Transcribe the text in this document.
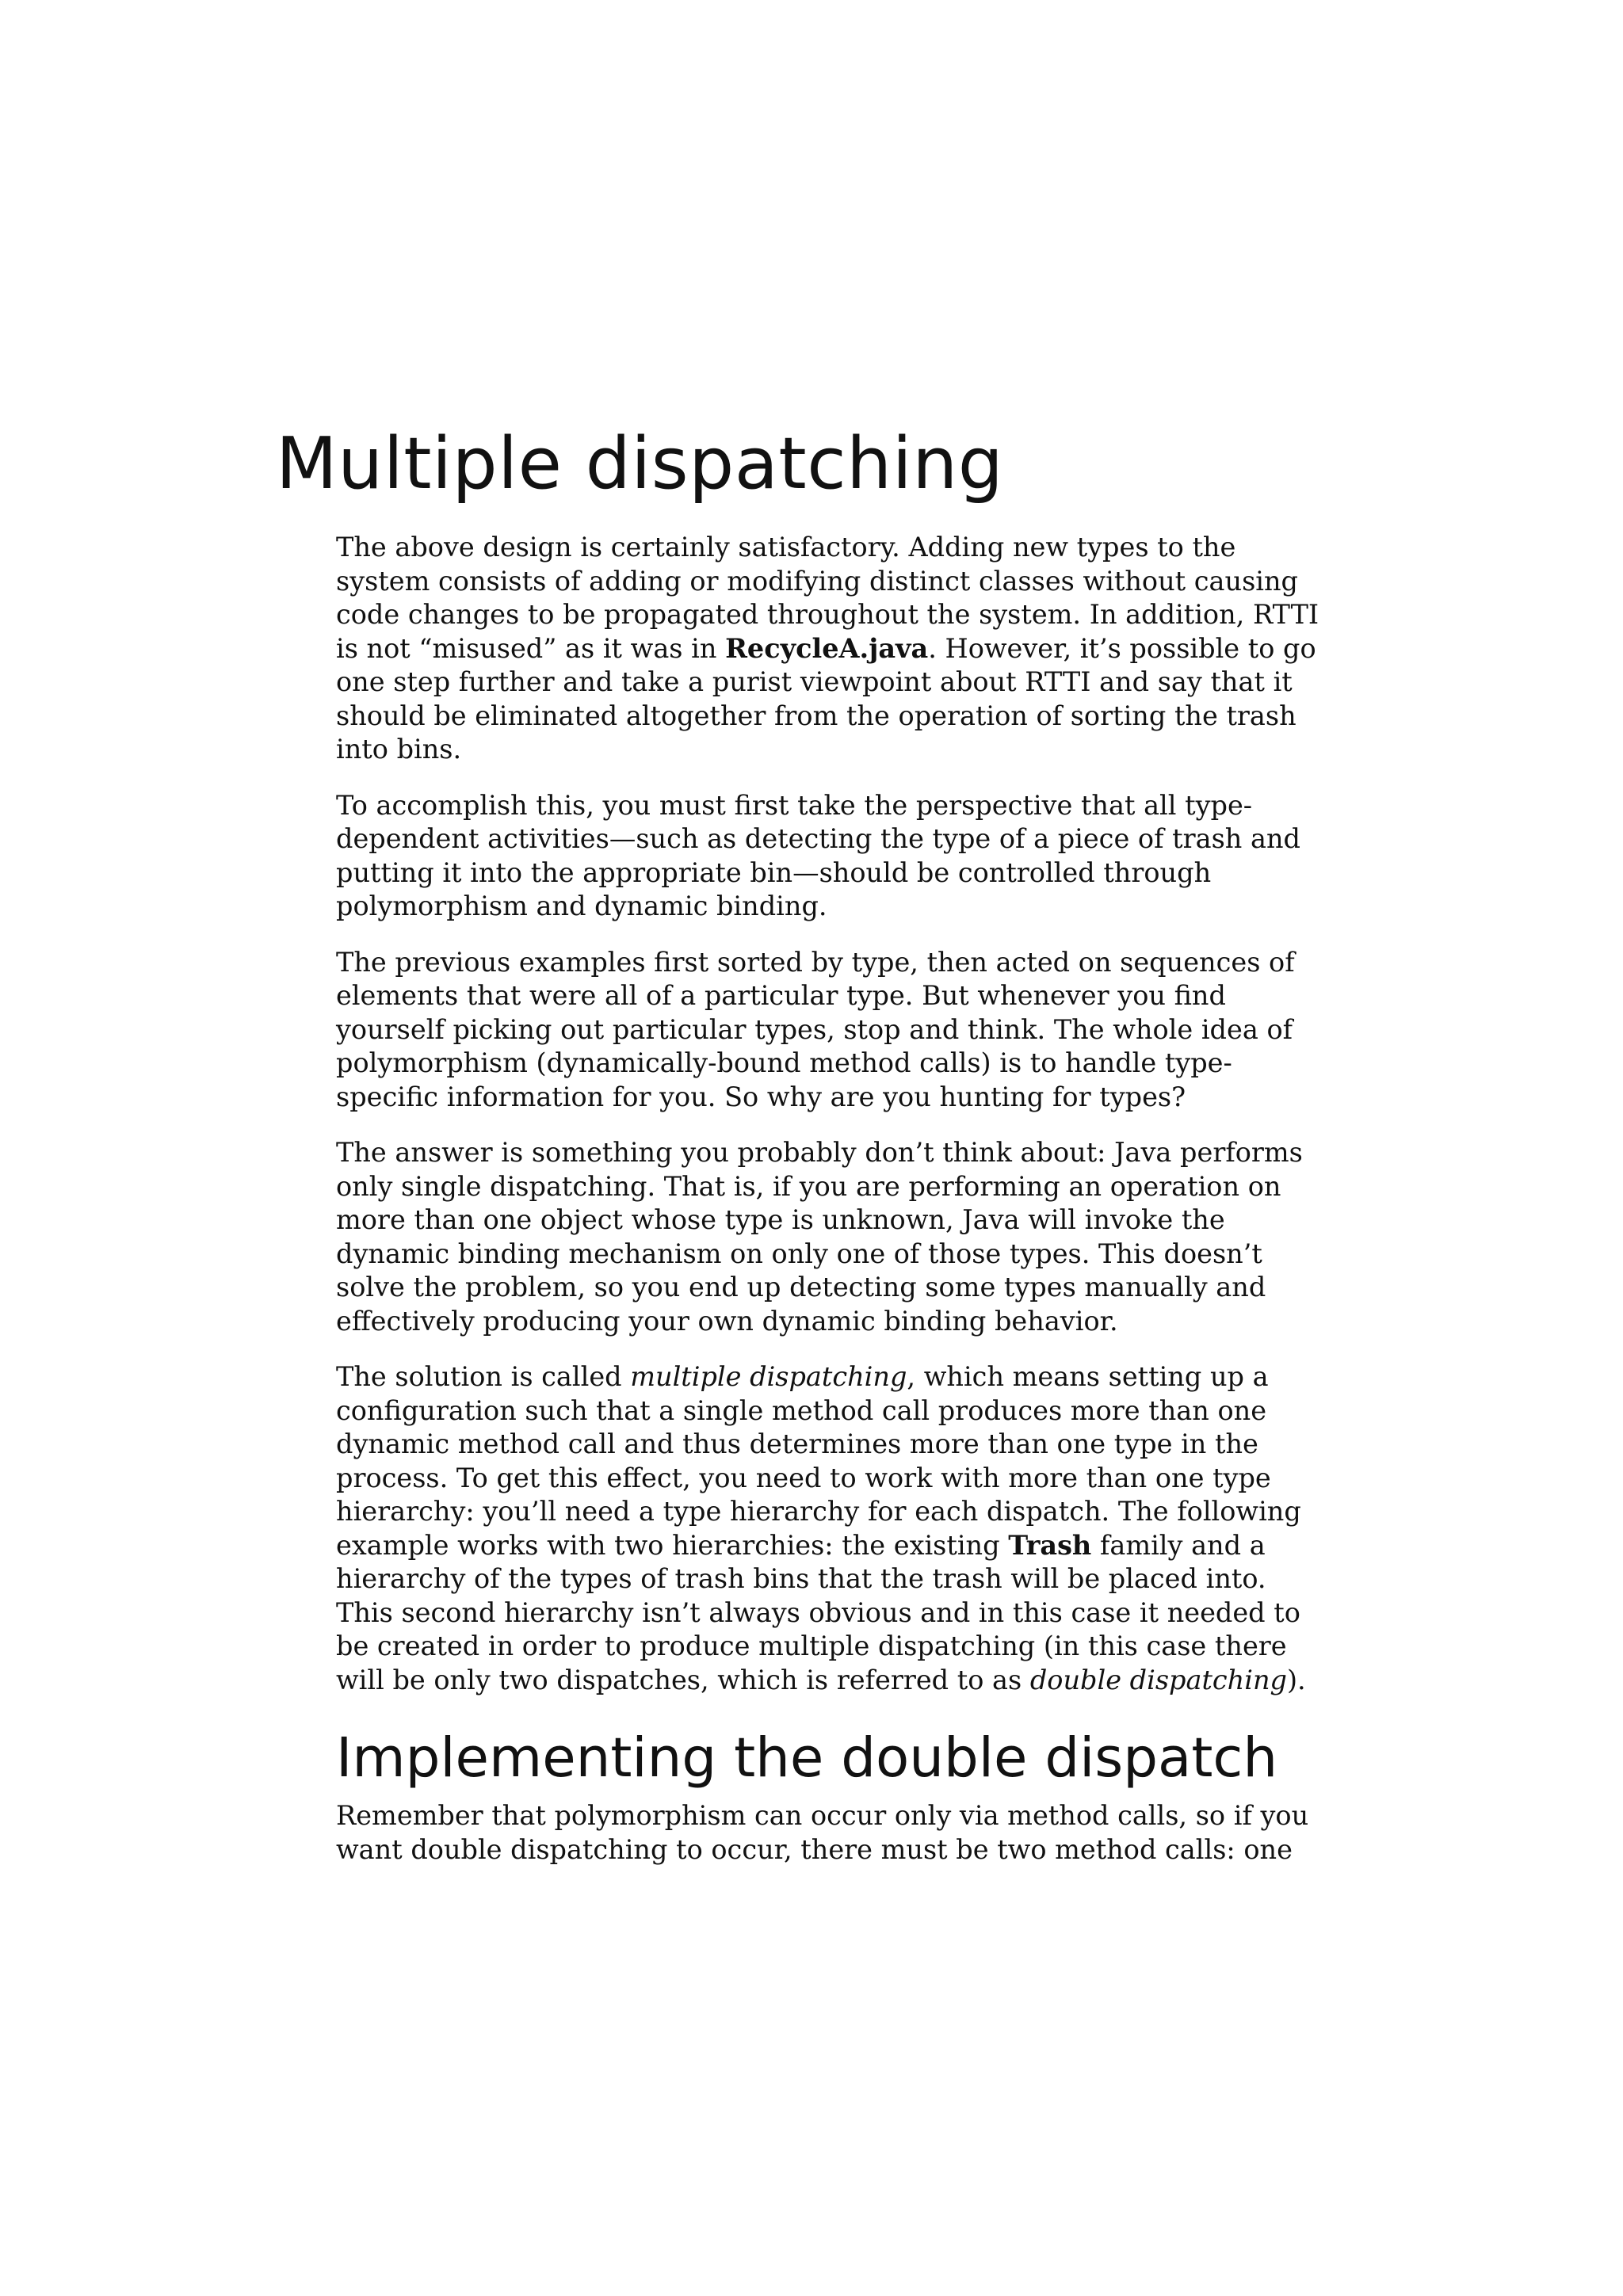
Multiple dispatching

The above design is certainly satisfactory. Adding new types to the system consists of adding or modifying distinct classes without causing code changes to be propagated throughout the system. In addition, RTTI is not “misused” as it was in RecycleA.java. However, it’s possible to go one step further and take a purist viewpoint about RTTI and say that it should be eliminated altogether from the operation of sorting the trash into bins.

To accomplish this, you must first take the perspective that all type-dependent activities—such as detecting the type of a piece of trash and putting it into the appropriate bin—should be controlled through polymorphism and dynamic binding.

The previous examples first sorted by type, then acted on sequences of elements that were all of a particular type. But whenever you find yourself picking out particular types, stop and think. The whole idea of polymorphism (dynamically-bound method calls) is to handle type-specific information for you. So why are you hunting for types?

The answer is something you probably don’t think about: Java performs only single dispatching. That is, if you are performing an operation on more than one object whose type is unknown, Java will invoke the dynamic binding mechanism on only one of those types. This doesn’t solve the problem, so you end up detecting some types manually and effectively producing your own dynamic binding behavior.

The solution is called multiple dispatching, which means setting up a configuration such that a single method call produces more than one dynamic method call and thus determines more than one type in the process. To get this effect, you need to work with more than one type hierarchy: you’ll need a type hierarchy for each dispatch. The following example works with two hierarchies: the existing Trash family and a hierarchy of the types of trash bins that the trash will be placed into. This second hierarchy isn’t always obvious and in this case it needed to be created in order to produce multiple dispatching (in this case there will be only two dispatches, which is referred to as double dispatching).

Implementing the double dispatch

Remember that polymorphism can occur only via method calls, so if you want double dispatching to occur, there must be two method calls: one
